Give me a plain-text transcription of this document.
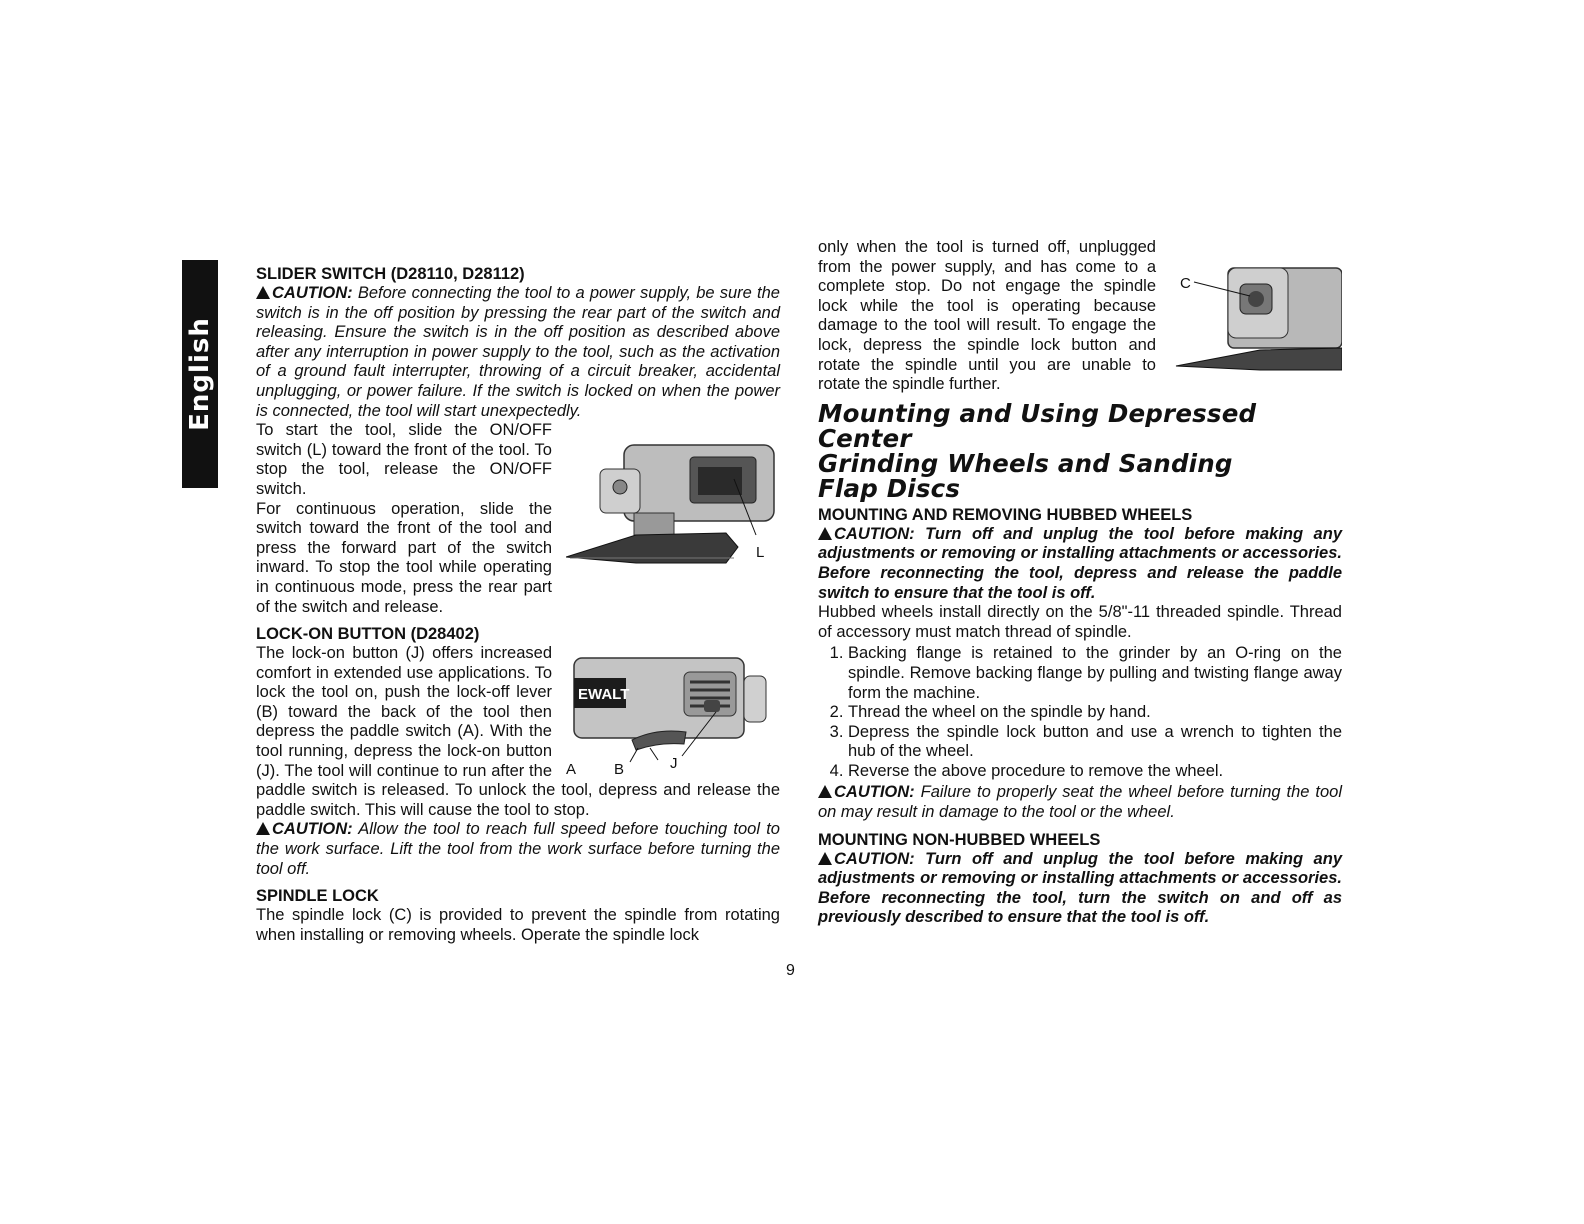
English
SLIDER SWITCH (D28110, D28112)

CAUTION: Before connecting the tool to a power supply, be sure the switch is in the off position by pressing the rear part of the switch and releasing. Ensure the switch is in the off position as described above after any interruption in power supply to the tool, such as the activation of a ground fault interrupter, throwing of a circuit breaker, accidental unplugging, or power failure. If the switch is locked on when the power is connected, the tool will start unexpectedly.

L

To start the tool, slide the ON/OFF switch (L) toward the front of the tool. To stop the tool, release the ON/OFF switch.

For continuous operation, slide the switch toward the front of the tool and press the forward part of the switch inward. To stop the tool while operating in continuous mode, press the rear part of the switch and release.

LOCK-ON BUTTON (D28402)
EWALT
A	B	J

The lock-on button (J) offers increased comfort in extended use applications. To lock the tool on, push the lock-off lever (B) toward the back of the tool then depress the paddle switch (A). With the tool running, depress the lock-on button (J). The tool will continue to run after the paddle switch is released. To unlock the tool, depress and release the paddle switch. This will cause the tool to stop.

CAUTION: Allow the tool to reach full speed before touching tool to the work surface. Lift the tool from the work surface before turning the tool off.

SPINDLE LOCK

The spindle lock (C) is provided to prevent the spindle from rotating when installing or removing wheels. Operate the spindle lock

C

only when the tool is turned off, unplugged from the power supply, and has come to a complete stop. Do not engage the spindle lock while the tool is operating because damage to the tool will result. To engage the lock, depress the spindle lock button and rotate the spindle until you are unable to rotate the spindle further.

Mounting and Using Depressed Center
Grinding Wheels and Sanding
Flap Discs
MOUNTING AND REMOVING HUBBED WHEELS

CAUTION: Turn off and unplug the tool before making any adjustments or removing or installing attachments or accessories. Before reconnecting the tool, depress and release the paddle switch to ensure that the tool is off.

Hubbed wheels install directly on the 5/8"-11 threaded spindle. Thread of accessory must match thread of spindle.

1. Backing flange is retained to the grinder by an O-ring on the spindle. Remove backing flange by pulling and twisting flange away form the machine.
2. Thread the wheel on the spindle by hand.
3. Depress the spindle lock button and use a wrench to tighten the hub of the wheel.
4. Reverse the above procedure to remove the wheel.

CAUTION: Failure to properly seat the wheel before turning the tool on may result in damage to the tool or the wheel.

MOUNTING NON-HUBBED WHEELS

CAUTION: Turn off and unplug the tool before making any adjustments or removing or installing attachments or accessories. Before reconnecting the tool, turn the switch on and off as previously described to ensure that the tool is off.

9
